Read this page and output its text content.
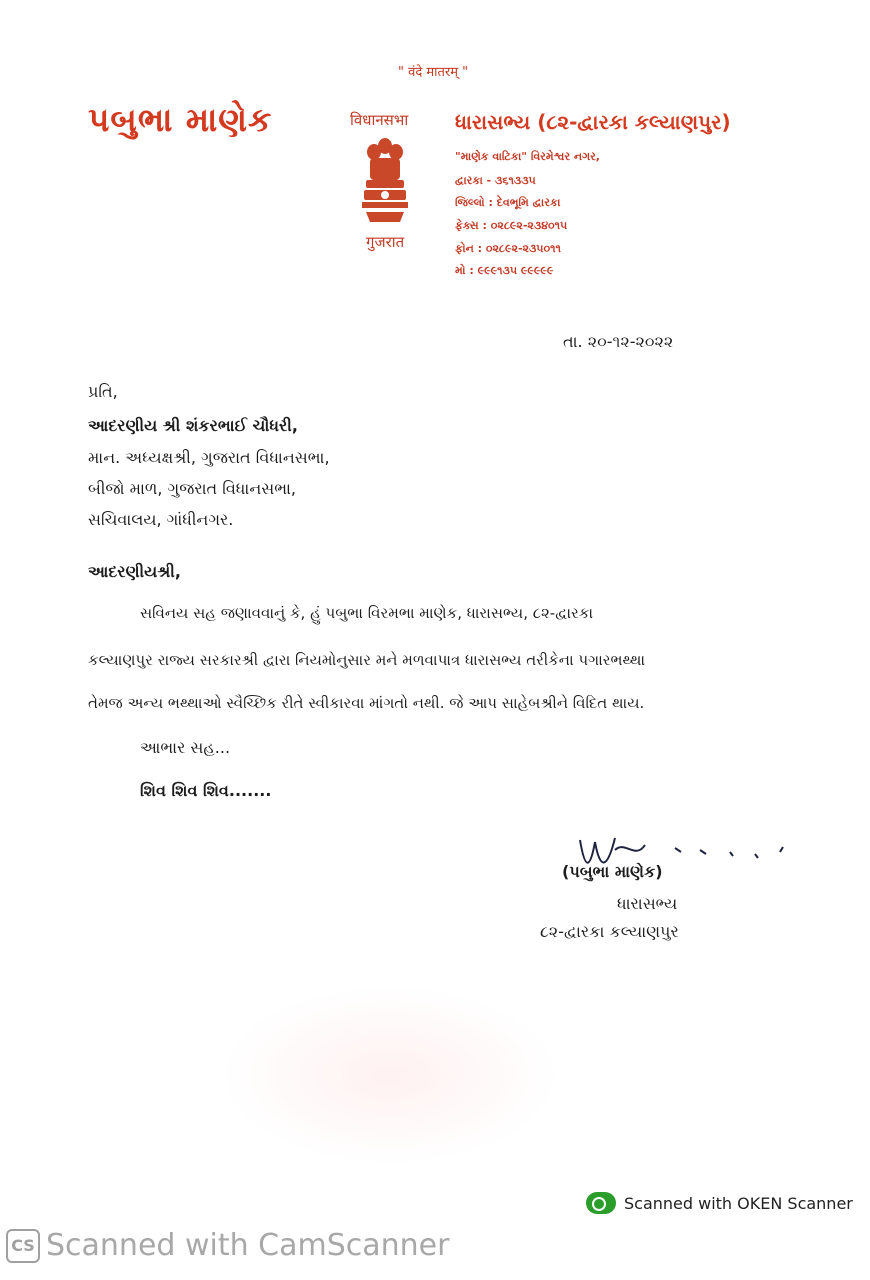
" वंदे मातरम् "
પબુભા માણેક	विधानसभा
गुजरात
ધારાસભ્ય (૮૨-દ્વારકા કલ્યાણપુર)
"માણેક વાટિકા" વિરમેશ્વર નગર,
દ્વારકા - ૩૬૧૩૩૫
જિલ્લો : દેવભૂમિ દ્વારકા
ફેક્સ : ૦૨૮૯૨-૨૩૪૦૧૫
ફોન : ૦૨૮૯૨-૨૩૫૦૧૧
મો : ૯૯૯૧૩૫ ૯૯૯૯૯
તા. ૨૦-૧૨-૨૦૨૨
પ્રતિ,
આદરણીય શ્રી શંકરભાઈ ચૌધરી,
માન. અધ્યક્ષશ્રી, ગુજરાત વિધાનસભા,
બીજો માળ, ગુજરાત વિધાનસભા,
સચિવાલય, ગાંધીનગર.
આદરણીયશ્રી,
સવિનય સહ જણાવવાનું કે, હું પબુભા વિરમભા માણેક, ધારાસભ્ય, ૮૨-દ્વારકા
કલ્યાણપુર રાજ્ય સરકારશ્રી દ્વારા નિયમોનુસાર મને મળવાપાત્ર ધારાસભ્ય તરીકેના પગારભથ્થા
તેમજ અન્ય ભથ્થાઓ સ્વૈચ્છિક રીતે સ્વીકારવા માંગતો નથી. જે આપ સાહેબશ્રીને વિદિત થાય.
આભાર સહ...
શિવ શિવ શિવ.......
(પબુભા માણેક)
ધારાસભ્ય
૮૨-દ્વારકા કલ્યાણપુર
Scanned with OKEN Scanner
CS Scanned with CamScanner
